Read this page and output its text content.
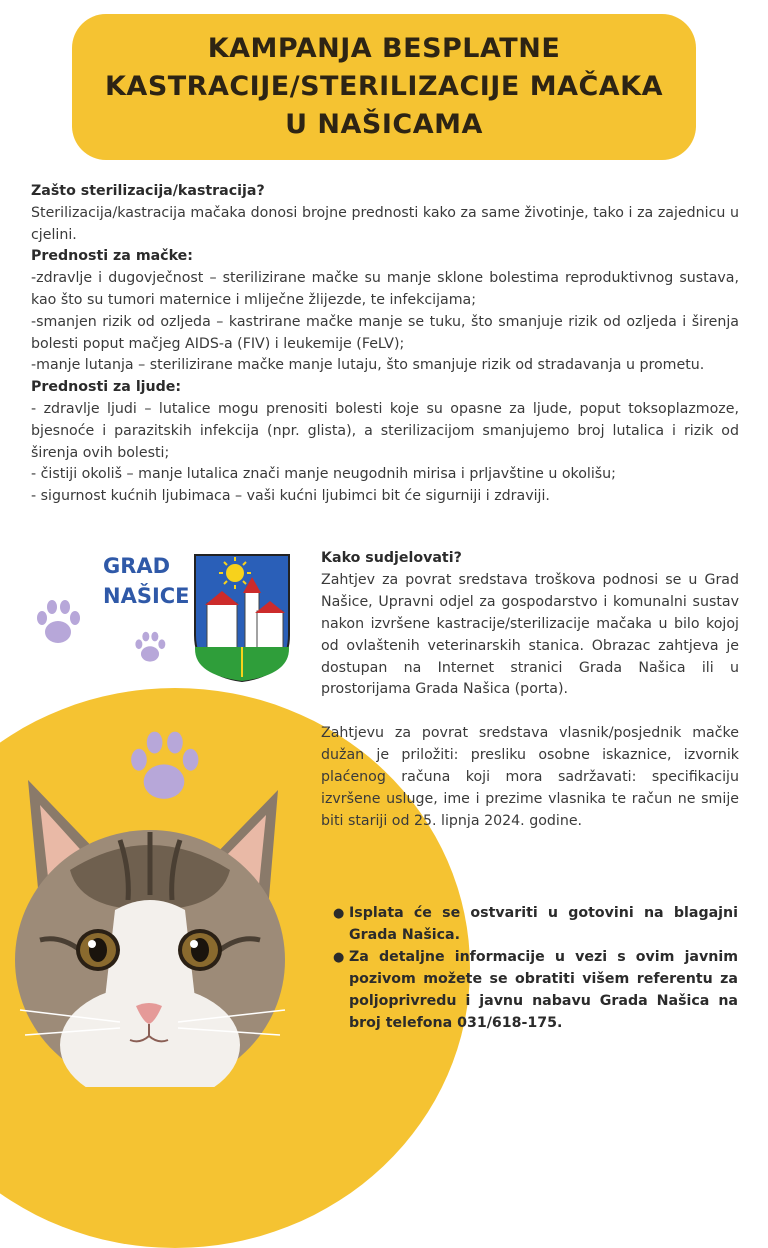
KAMPANJA BESPLATNE
KASTRACIJE/STERILIZACIJE MAČAKA
U NAŠICAMA

Zašto sterilizacija/kastracija?

Sterilizacija/kastracija mačaka donosi brojne prednosti kako za same životinje, tako i za zajednicu u cjelini.

Prednosti za mačke:

-zdravlje i dugovječnost – sterilizirane mačke su manje sklone bolestima reproduktivnog sustava, kao što su tumori maternice i mliječne žlijezde, te infekcijama;

-smanjen rizik od ozljeda – kastrirane mačke manje se tuku, što smanjuje rizik od ozljeda i širenja bolesti poput mačjeg AIDS-a (FIV) i leukemije (FeLV);

-manje lutanja – sterilizirane mačke manje lutaju, što smanjuje rizik od stradavanja u prometu.

Prednosti za ljude:

- zdravlje ljudi – lutalice mogu prenositi bolesti koje su opasne za ljude, poput toksoplazmoze, bjesnoće i parazitskih infekcija (npr. glista), a sterilizacijom smanjujemo broj lutalica i rizik od širenja ovih bolesti;

- čistiji okoliš – manje lutalica znači manje neugodnih mirisa i prljavštine u okolišu;

- sigurnost kućnih ljubimaca – vaši kućni ljubimci bit će sigurniji i zdraviji.

GRAD
NAŠICE

Kako sudjelovati?

Zahtjev za povrat sredstava troškova podnosi se u Grad Našice, Upravni odjel za gospodarstvo i komunalni sustav nakon izvršene kastracije/sterilizacije mačaka u bilo kojoj od ovlaštenih veterinarskih stanica. Obrazac zahtjeva je dostupan na Internet stranici Grada Našica ili u prostorijama Grada Našica (porta).

Zahtjevu za povrat sredstava vlasnik/posjednik mačke dužan je priložiti: presliku osobne iskaznice, izvornik plaćenog računa koji mora sadržavati: specifikaciju izvršene usluge, ime i prezime vlasnika te račun ne smije biti stariji od 25. lipnja 2024. godine.

● Isplata će se ostvariti u gotovini na blagajni Grada Našica.
● Za detaljne informacije u vezi s ovim javnim pozivom možete se obratiti višem referentu za poljoprivredu i javnu nabavu Grada Našica na broj telefona 031/618-175.
